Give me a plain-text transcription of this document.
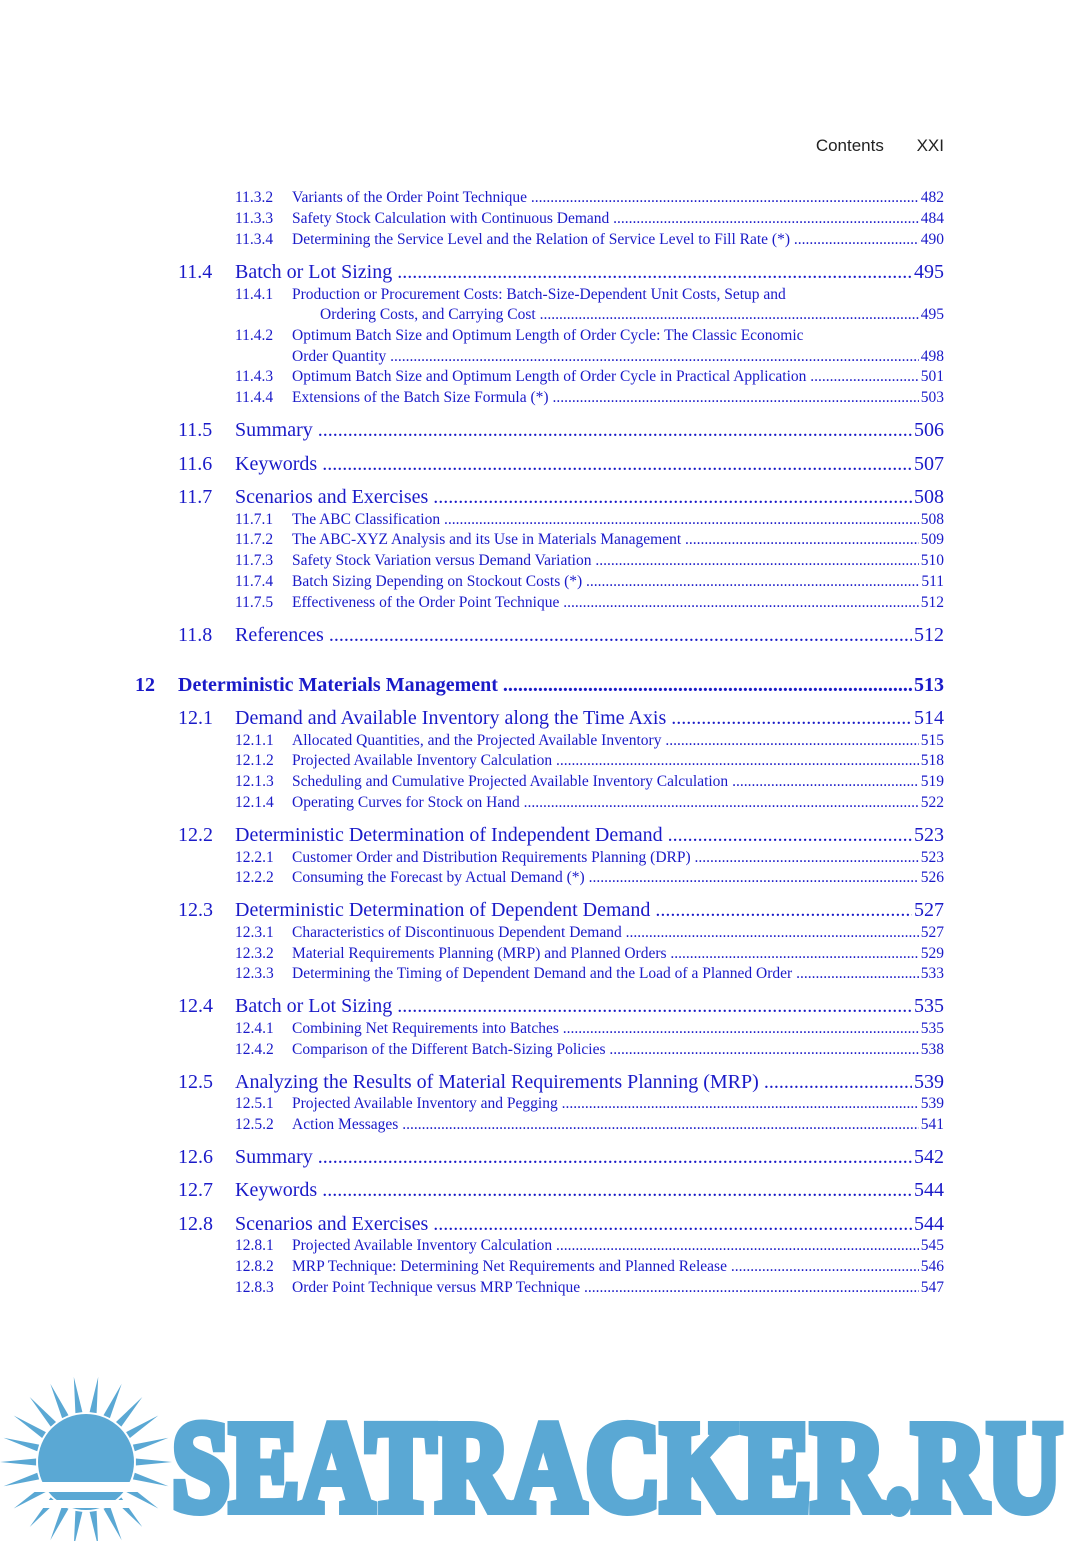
Contents XXI
11.3.2 Variants of the Order Point Technique .....	482
11.3.3 Safety Stock Calculation with Continuous Demand .....	484
11.3.4 Determining the Service Level and the Relation of Service Level to Fill Rate (*) .....	490
11.4 Batch or Lot Sizing .....	495
11.4.1 Production or Procurement Costs: Batch-Size-Dependent Unit Costs, Setup and
Ordering Costs, and Carrying Cost .....	495
11.4.2 Optimum Batch Size and Optimum Length of Order Cycle: The Classic Economic
Order Quantity .....	498
11.4.3 Optimum Batch Size and Optimum Length of Order Cycle in Practical Application .....	501
11.4.4 Extensions of the Batch Size Formula (*) .....	503
11.5 Summary .....	506
11.6 Keywords .....	507
11.7 Scenarios and Exercises .....	508
11.7.1 The ABC Classification .....	508
11.7.2 The ABC-XYZ Analysis and its Use in Materials Management .....	509
11.7.3 Safety Stock Variation versus Demand Variation .....	510
11.7.4 Batch Sizing Depending on Stockout Costs (*) .....	511
11.7.5 Effectiveness of the Order Point Technique .....	512
11.8 References .....	512
12 Deterministic Materials Management .....	513
12.1 Demand and Available Inventory along the Time Axis .....	514
12.1.1 Allocated Quantities, and the Projected Available Inventory .....	515
12.1.2 Projected Available Inventory Calculation .....	518
12.1.3 Scheduling and Cumulative Projected Available Inventory Calculation .....	519
12.1.4 Operating Curves for Stock on Hand .....	522
12.2 Deterministic Determination of Independent Demand .....	523
12.2.1 Customer Order and Distribution Requirements Planning (DRP) .....	523
12.2.2 Consuming the Forecast by Actual Demand (*) .....	526
12.3 Deterministic Determination of Dependent Demand .....	527
12.3.1 Characteristics of Discontinuous Dependent Demand .....	527
12.3.2 Material Requirements Planning (MRP) and Planned Orders .....	529
12.3.3 Determining the Timing of Dependent Demand and the Load of a Planned Order .....	533
12.4 Batch or Lot Sizing .....	535
12.4.1 Combining Net Requirements into Batches .....	535
12.4.2 Comparison of the Different Batch-Sizing Policies .....	538
12.5 Analyzing the Results of Material Requirements Planning (MRP) .....	539
12.5.1 Projected Available Inventory and Pegging .....	539
12.5.2 Action Messages .....	541
12.6 Summary .....	542
12.7 Keywords .....	544
12.8 Scenarios and Exercises .....	544
12.8.1 Projected Available Inventory Calculation .....	545
12.8.2 MRP Technique: Determining Net Requirements and Planned Release .....	546
12.8.3 Order Point Technique versus MRP Technique .....	547
SEATRACKER.RU
SEATRACKER.RU
